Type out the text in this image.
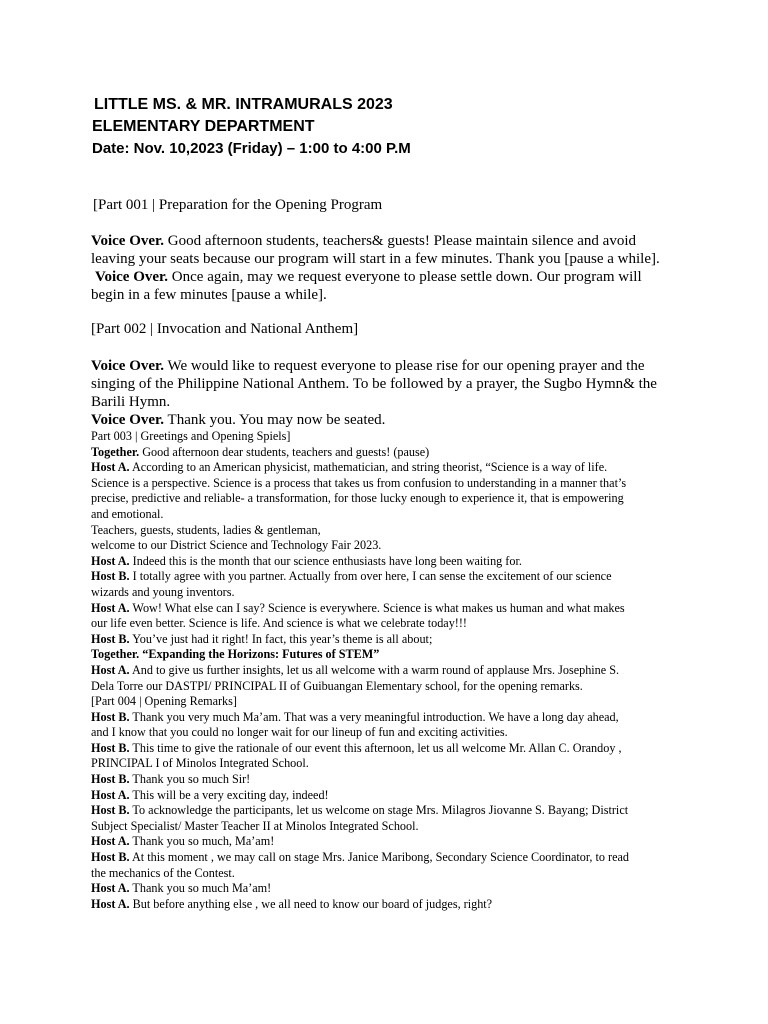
LITTLE MS. & MR. INTRAMURALS 2023
ELEMENTARY DEPARTMENT
Date: Nov. 10,2023 (Friday) – 1:00 to 4:00 P.M
[Part 001 | Preparation for the Opening Program
Voice Over. Good afternoon students, teachers& guests! Please maintain silence and avoid
leaving your seats because our program will start in a few minutes. Thank you [pause a while].
Voice Over. Once again, may we request everyone to please settle down. Our program will
begin in a few minutes [pause a while].
[Part 002 | Invocation and National Anthem]
Voice Over. We would like to request everyone to please rise for our opening prayer and the
singing of the Philippine National Anthem. To be followed by a prayer, the Sugbo Hymn& the
Barili Hymn.
Voice Over. Thank you. You may now be seated.
Part 003 | Greetings and Opening Spiels]
Together. Good afternoon dear students, teachers and guests! (pause)
Host A. According to an American physicist, mathematician, and string theorist, “Science is a way of life.
Science is a perspective. Science is a process that takes us from confusion to understanding in a manner that’s
precise, predictive and reliable- a transformation, for those lucky enough to experience it, that is empowering
and emotional.
Teachers, guests, students, ladies & gentleman,
welcome to our District Science and Technology Fair 2023.
Host A. Indeed this is the month that our science enthusiasts have long been waiting for.
Host B. I totally agree with you partner. Actually from over here, I can sense the excitement of our science
wizards and young inventors.
Host A. Wow! What else can I say? Science is everywhere. Science is what makes us human and what makes
our life even better. Science is life. And science is what we celebrate today!!!
Host B. You’ve just had it right! In fact, this year’s theme is all about;
Together. “Expanding the Horizons: Futures of STEM”
Host A. And to give us further insights, let us all welcome with a warm round of applause Mrs. Josephine S.
Dela Torre our DASTPI/ PRINCIPAL II of Guibuangan Elementary school, for the opening remarks.
[Part 004 | Opening Remarks]
Host B. Thank you very much Ma’am. That was a very meaningful introduction. We have a long day ahead,
and I know that you could no longer wait for our lineup of fun and exciting activities.
Host B. This time to give the rationale of our event this afternoon, let us all welcome Mr. Allan C. Orandoy ,
PRINCIPAL I of Minolos Integrated School.
Host B. Thank you so much Sir!
Host A. This will be a very exciting day, indeed!
Host B. To acknowledge the participants, let us welcome on stage Mrs. Milagros Jiovanne S. Bayang; District
Subject Specialist/ Master Teacher II at Minolos Integrated School.
Host A. Thank you so much, Ma’am!
Host B. At this moment , we may call on stage Mrs. Janice Maribong, Secondary Science Coordinator, to read
the mechanics of the Contest.
Host A. Thank you so much Ma’am!
Host A. But before anything else , we all need to know our board of judges, right?
